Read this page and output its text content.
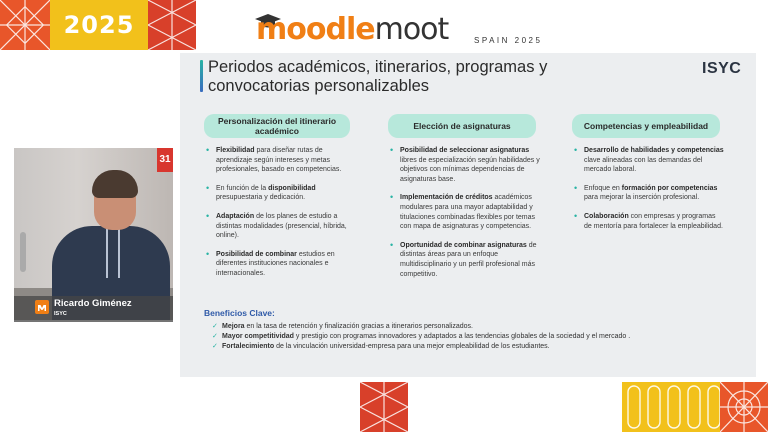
2025	moodlemoot	SPAIN 2025
Periodos académicos, itinerarios, programas y convocatorias personalizables
ISYC
Personalización del itinerario académico	Elección de asignaturas	Competencias y empleabilidad
• Flexibilidad para diseñar rutas de aprendizaje según intereses y metas profesionales, basado en competencias.
• En función de la disponibilidad presupuestaria y dedicación.
• Adaptación de los planes de estudio a distintas modalidades (presencial, híbrida, online).
• Posibilidad de combinar estudios en diferentes instituciones nacionales e internacionales.
• Posibilidad de seleccionar asignaturas libres de especialización según habilidades y objetivos con mínimas dependencias de asignaturas base.
• Implementación de créditos académicos modulares para una mayor adaptabilidad y titulaciones combinadas flexibles por temas con mapa de asignaturas y competencias.
• Oportunidad de combinar asignaturas de distintas áreas para un enfoque multidisciplinario y un perfil profesional más competitivo.
• Desarrollo de habilidades y competencias clave alineadas con las demandas del mercado laboral.
• Enfoque en formación por competencias para mejorar la inserción profesional.
• Colaboración con empresas y programas de mentoría para fortalecer la empleabilidad.
Beneficios Clave:
✓ Mejora en la tasa de retención y finalización gracias a itinerarios personalizados.
✓ Mayor competitividad y prestigio con programas innovadores y adaptados a las tendencias globales de la sociedad y el mercado .
✓ Fortalecimiento de la vinculación universidad-empresa para una mejor empleabilidad de los estudiantes.
31
Ricardo Giménez
ISYC
